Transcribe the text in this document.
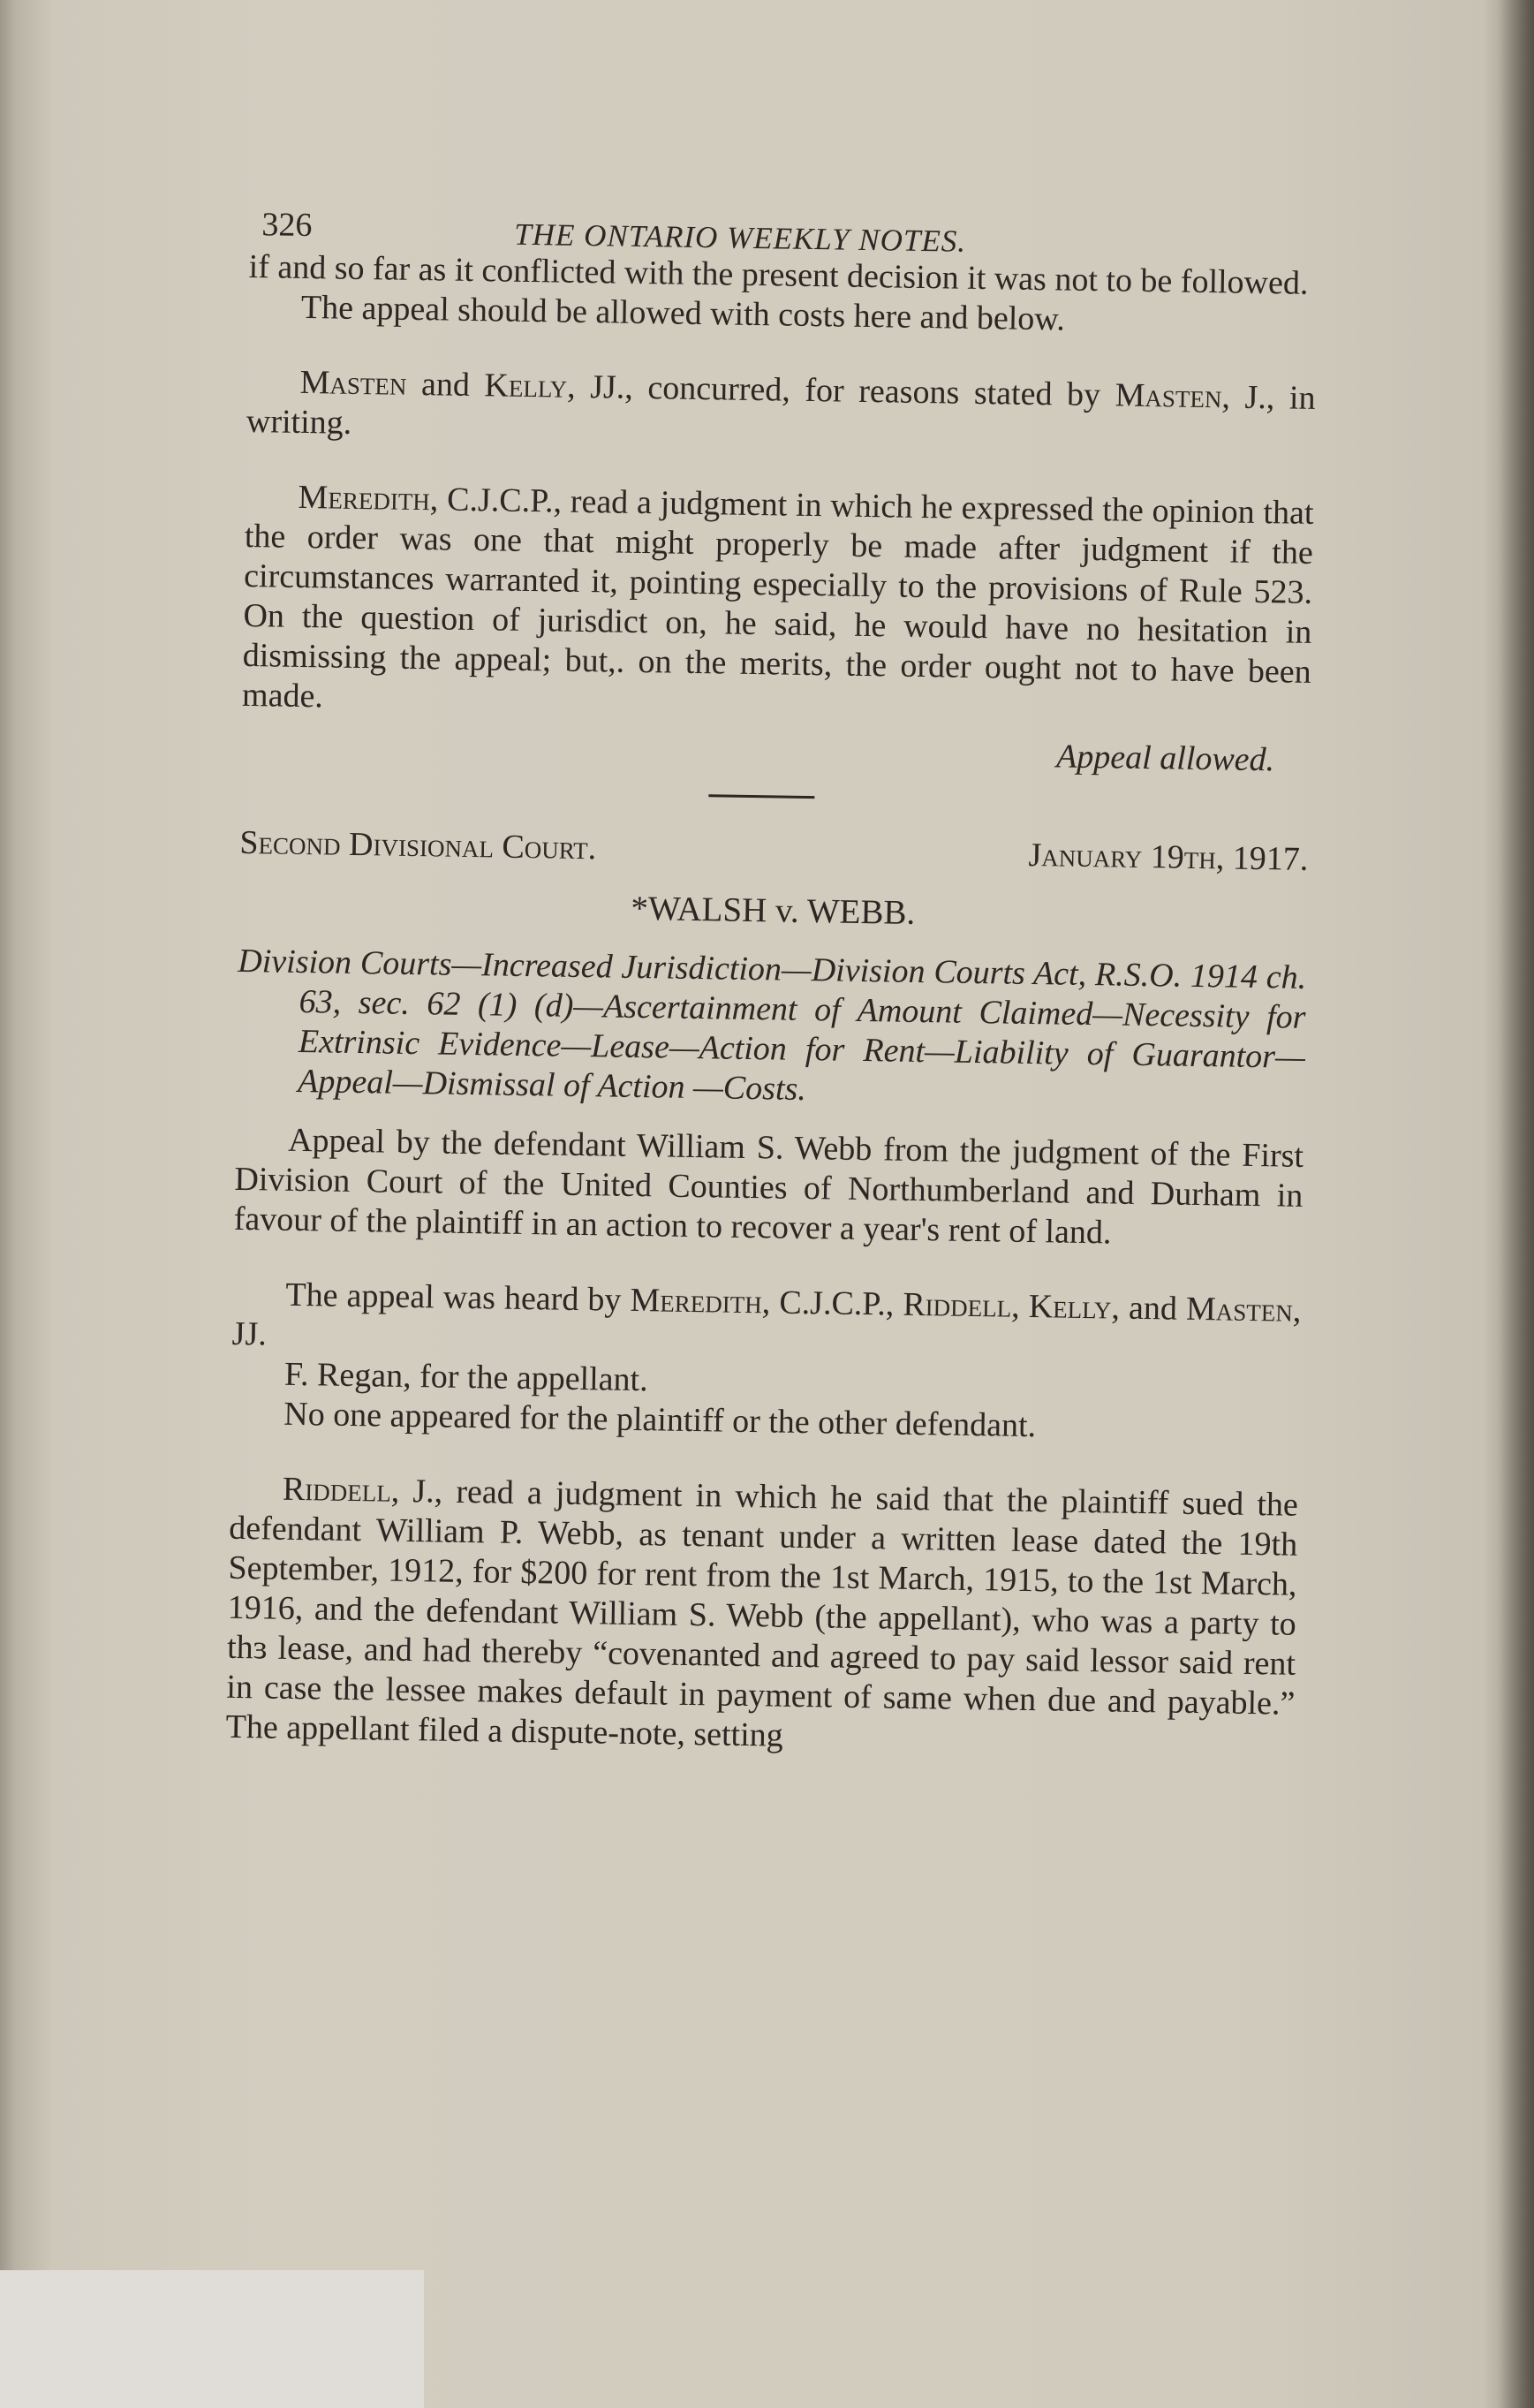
326	THE ONTARIO WEEKLY NOTES.

if and so far as it conflicted with the present decision it was not to be followed.

The appeal should be allowed with costs here and below.

Masten and Kelly, JJ., concurred, for reasons stated by Masten, J., in writing.

Meredith, C.J.C.P., read a judgment in which he expressed the opinion that the order was one that might properly be made after judgment if the circumstances warranted it, pointing especially to the provisions of Rule 523. On the question of jurisdict on, he said, he would have no hesitation in dismissing the appeal; but,. on the merits, the order ought not to have been made.

Appeal allowed.

Second Divisional Court.	January 19th, 1917.
*WALSH v. WEBB.

Division Courts—Increased Jurisdiction—Division Courts Act, R.S.O. 1914 ch. 63, sec. 62 (1) (d)—Ascertainment of Amount Claimed—Necessity for Extrinsic Evidence—Lease—Action for Rent—Liability of Guarantor—Appeal—Dismissal of Action —Costs.

Appeal by the defendant William S. Webb from the judgment of the First Division Court of the United Counties of Northumberland and Durham in favour of the plaintiff in an action to recover a year's rent of land.

The appeal was heard by Meredith, C.J.C.P., Riddell, Kelly, and Masten, JJ.

F. Regan, for the appellant.

No one appeared for the plaintiff or the other defendant.

Riddell, J., read a judgment in which he said that the plaintiff sued the defendant William P. Webb, as tenant under a written lease dated the 19th September, 1912, for $200 for rent from the 1st March, 1915, to the 1st March, 1916, and the defendant William S. Webb (the appellant), who was a party to thɜ lease, and had thereby “covenanted and agreed to pay said lessor said rent in case the lessee makes default in payment of same when due and payable.” The appellant filed a dispute-note, setting
